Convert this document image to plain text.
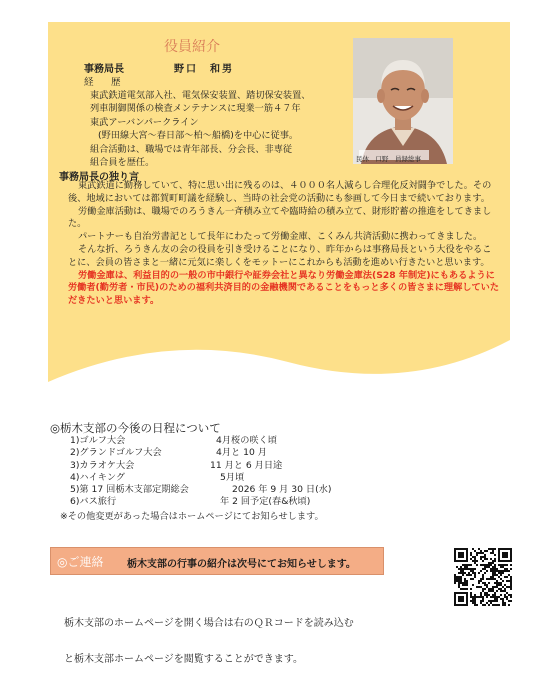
役員紹介
事務局長	野口　和男
経　歴
東武鉄道電気部入社、電気保安装置、踏切保安装置、
列車制御関係の検査メンテナンスに現業一筋４７年
東武アーバンパークライン
(野田線大宮～春日部～柏～船橋)を中心に従事。
組合活動は、職場では青年部長、分会長、非専従
組合員を歴任。	民休　口野　員録総事
事務局長の独り言

東武鉄道に勤務していて、特に思い出に残るのは、４０００名人減らし合理化反対闘争でした。その後、地域においては都賀町町議を経験し、当時の社会党の活動にも参画して今日まで続いております。

労働金庫活動は、職場でのろうきん一斉積み立てや臨時給の積み立て、財形貯蓄の推進をしてきました。

パートナーも自治労書記として長年にわたって労働金庫、こくみん共済活動に携わってきました。

そんな折、ろうきん友の会の役員を引き受けることになり、昨年からは事務局長という大役をやることに、会員の皆さまと一緒に元気に楽しくをモットーにこれからも活動を進めい行きたいと思います。

労働金庫は、利益目的の一般の市中銀行や証券会社と異なり労働金庫法(S28 年制定)にもあるように労働者(勤労者・市民)のための福利共済目的の金融機関であることをもっと多くの皆さまに理解していただきたいと思います。

◎栃木支部の今後の日程について
1)ゴルフ大会	4月桜の咲く頃
2)グランドゴルフ大会	4月と 10 月
3)カラオケ大会	11 月と 6 月日途
4)ハイキング	5月頃
5)第 17 回栃木支部定期総会	2026 年 9 月 30 日(水)
6)バス旅行	年 2 回予定(春&秋頃)
※その他変更があった場合はホームページにてお知らせします。
◎ご連絡 栃木支部の行事の紹介は次号にてお知らせします。
栃木支部のホームページを開く場合は右のＱＲコードを読み込む
と栃木支部ホームページを閲覧することができます。
